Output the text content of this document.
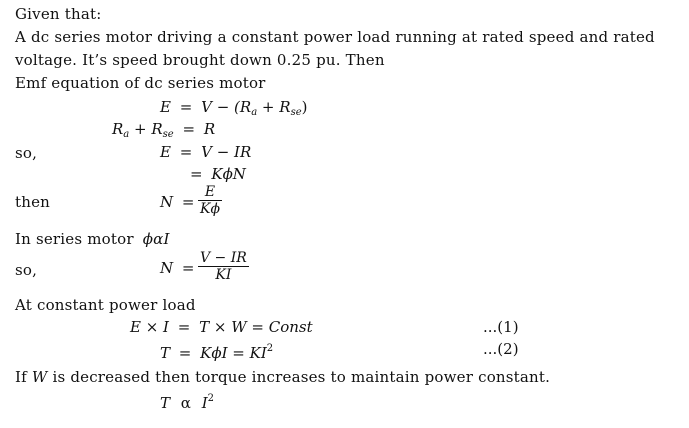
Given that:
A dc series motor driving a constant power load running at rated speed and rated
voltage. It’s speed brought down 0.25 pu. Then
Emf equation of dc series motor
$E = V - (R_a + R_{se})$
$R_a + R_{se} = R$
so,	E = V − IR
= KϕN
then	$N = \frac{E}{K\phi}$
In series motor ϕαI
so,	$N = \frac{V - IR}{KI}$
At constant power load
E × I = T × W = Const	...(1)
$T = K\phi I = KI^2$	...(2)
If W is decreased then torque increases to maintain power constant.
T α $I^2$
